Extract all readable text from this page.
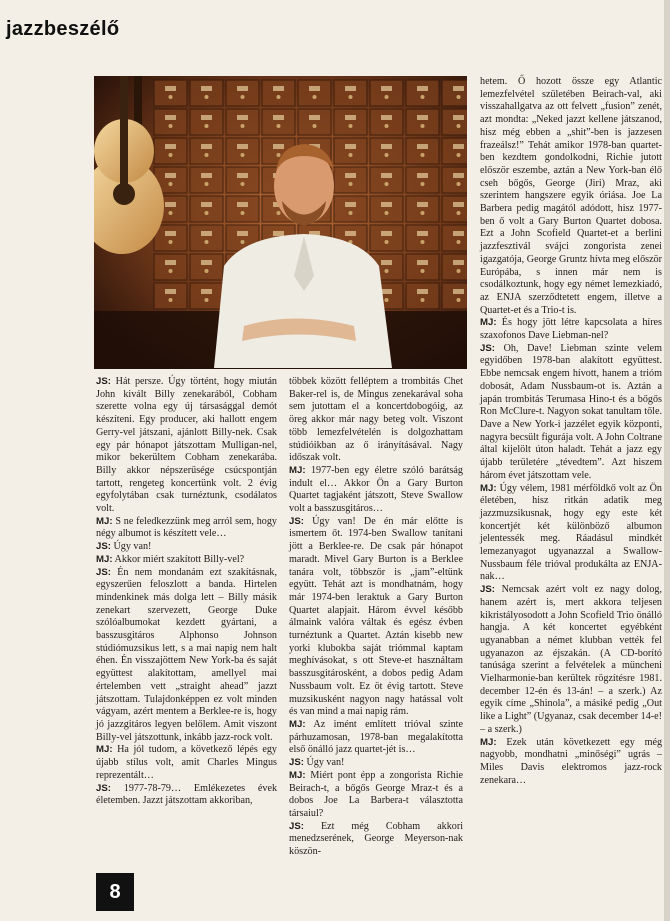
jazzbeszélő

JS: Hát persze. Úgy történt, hogy miután John kivált Billy zenekarából, Cobham szerette volna egy új társasággal demót készíteni. Egy producer, aki hallott engem Gerry-vel játszani, ajánlott Billy-nek. Csak egy pár hónapot játszottam Mulligan-nel, mikor bekerültem Cobham zenekarába. Billy akkor népszerűsége csúcspontján tartott, rengeteg koncertünk volt. 2 évig egyfolytában csak turnéztunk, csodálatos volt.

MJ: S ne feledkezzünk meg arról sem, hogy négy albumot is készített vele…

JS: Úgy van!

MJ: Akkor miért szakított Billy-vel?

JS: Én nem mondanám ezt szakításnak, egyszerűen feloszlott a banda. Hirtelen mindenkinek más dolga lett – Billy másik zenekart szervezett, George Duke szólóalbumokat kezdett gyártani, a basszusgitáros Alphonso Johnson stúdiómuzsikus lett, s a mai napig nem halt éhen. Én visszajöttem New York-ba és saját együttest alakítottam, amellyel mai értelemben vett „straight ahead” jazzt játszottam. Tulajdonképpen ez volt minden vágyam, azért mentem a Berklee-re is, hogy jó jazzgitáros legyen belőlem. Amit viszont Billy-vel játszottunk, inkább jazz-rock volt.

MJ: Ha jól tudom, a következő lépés egy újabb stílus volt, amit Charles Mingus reprezentált…

JS: 1977-78-79… Emlékezetes évek életemben. Jazzt játszottam akkoriban,

többek között felléptem a trombitás Chet Baker-rel is, de Mingus zenekarával soha sem jutottam el a koncertdobogóig, az öreg akkor már nagy beteg volt. Viszont több lemezfelvételén is dolgozhattam stúdióikban az ő irányításával. Nagy időszak volt.

MJ: 1977-ben egy életre szóló barátság indult el… Akkor Ön a Gary Burton Quartet tagjaként játszott, Steve Swallow volt a basszusgitáros…

JS: Úgy van! De én már előtte is ismertem őt. 1974-ben Swallow tanítani jött a Berklee-re. De csak pár hónapot maradt. Mivel Gary Burton is a Berklee tanára volt, többször is „jam”-eltünk együtt. Tehát azt is mondhatnám, hogy már 1974-ben leraktuk a Gary Burton Quartet alapjait. Három évvel később álmaink valóra váltak és egész évben turnéztunk a Quartet. Aztán kisebb new yorki klubokba saját triómmal kaptam meghívásokat, s ott Steve-et használtam basszusgitárosként, a dobos pedig Adam Nussbaum volt. Ez öt évig tartott. Steve muzsikusként nagyon nagy hatással volt és van mind a mai napig rám.

MJ: Az imént említett trióval szinte párhuzamosan, 1978-ban megalakította első önálló jazz quartet-jét is…

JS: Úgy van!

MJ: Miért pont épp a zongorista Richie Beirach-t, a bőgős George Mraz-t és a dobos Joe La Barbera-t választotta társaiul?

JS: Ezt még Cobham akkori menedzserének, George Meyerson-nak köszön-

hetem. Ő hozott össze egy Atlantic lemezfelvétel születében Beirach-val, aki visszahallgatva az ott felvett „fusion” zenét, azt mondta: „Neked jazzt kellene játszanod, hisz még ebben a „shit”-ben is jazzesen frazeálsz!” Tehát amikor 1978-ban quartet-ben kezdtem gondolkodni, Richie jutott először eszembe, aztán a New York-ban élő cseh bőgős, George (Jiri) Mraz, aki szerintem hangszere egyik óriása. Joe La Barbera pedig magától adódott, hisz 1977-ben ő volt a Gary Burton Quartet dobosa. Ezt a John Scofield Quartet-et a berlini jazzfesztivál svájci zongorista zenei igazgatója, George Gruntz hívta meg először Európába, s innen már nem is csodálkoztunk, hogy egy német lemezkiadó, az ENJA szerződtetett engem, illetve a Quartet-et és a Trio-t is.

MJ: És hogy jött létre kapcsolata a híres szaxofonos Dave Liebman-nel?

JS: Oh, Dave! Liebman szinte velem egyidőben 1978-ban alakított együttest. Ebbe nemcsak engem hívott, hanem a trióm dobosát, Adam Nussbaum-ot is. Aztán a japán trombitás Terumasa Hino-t és a bőgős Ron McClure-t. Nagyon sokat tanultam tőle. Dave a New York-i jazzélet egyik központi, nagyra becsült figurája volt. A John Coltrane által kijelölt úton haladt. Tehát a jazz egy újabb területére „tévedtem”. Azt hiszem három évet játszottam vele.

MJ: Úgy vélem, 1981 mérföldkő volt az Ön életében, hisz ritkán adatik meg jazzmuzsikusnak, hogy egy este két koncertjét két különböző albumon jelentessék meg. Ráadásul mindkét lemezanyagot ugyanazzal a Swallow-Nussbaum féle trióval produkálta az ENJA-nak…

JS: Nemcsak azért volt ez nagy dolog, hanem azért is, mert akkora teljesen kikristályosodott a John Scofield Trio önálló hangja. A két koncertet egyébként ugyanabban a német klubban vették fel ugyanazon az éjszakán. (A CD-borító tanúsága szerint a felvételek a müncheni Vielharmonie-ban kerültek rögzítésre 1981. december 12-én és 13-án! – a szerk.) Az egyik címe „Shinola”, a másiké pedig „Out like a Light” (Ugyanaz, csak december 14-e! – a szerk.)

MJ: Ezek után következett egy még nagyobb, mondhatni „minőségi” ugrás – Miles Davis elektromos jazz-rock zenekara…

8
